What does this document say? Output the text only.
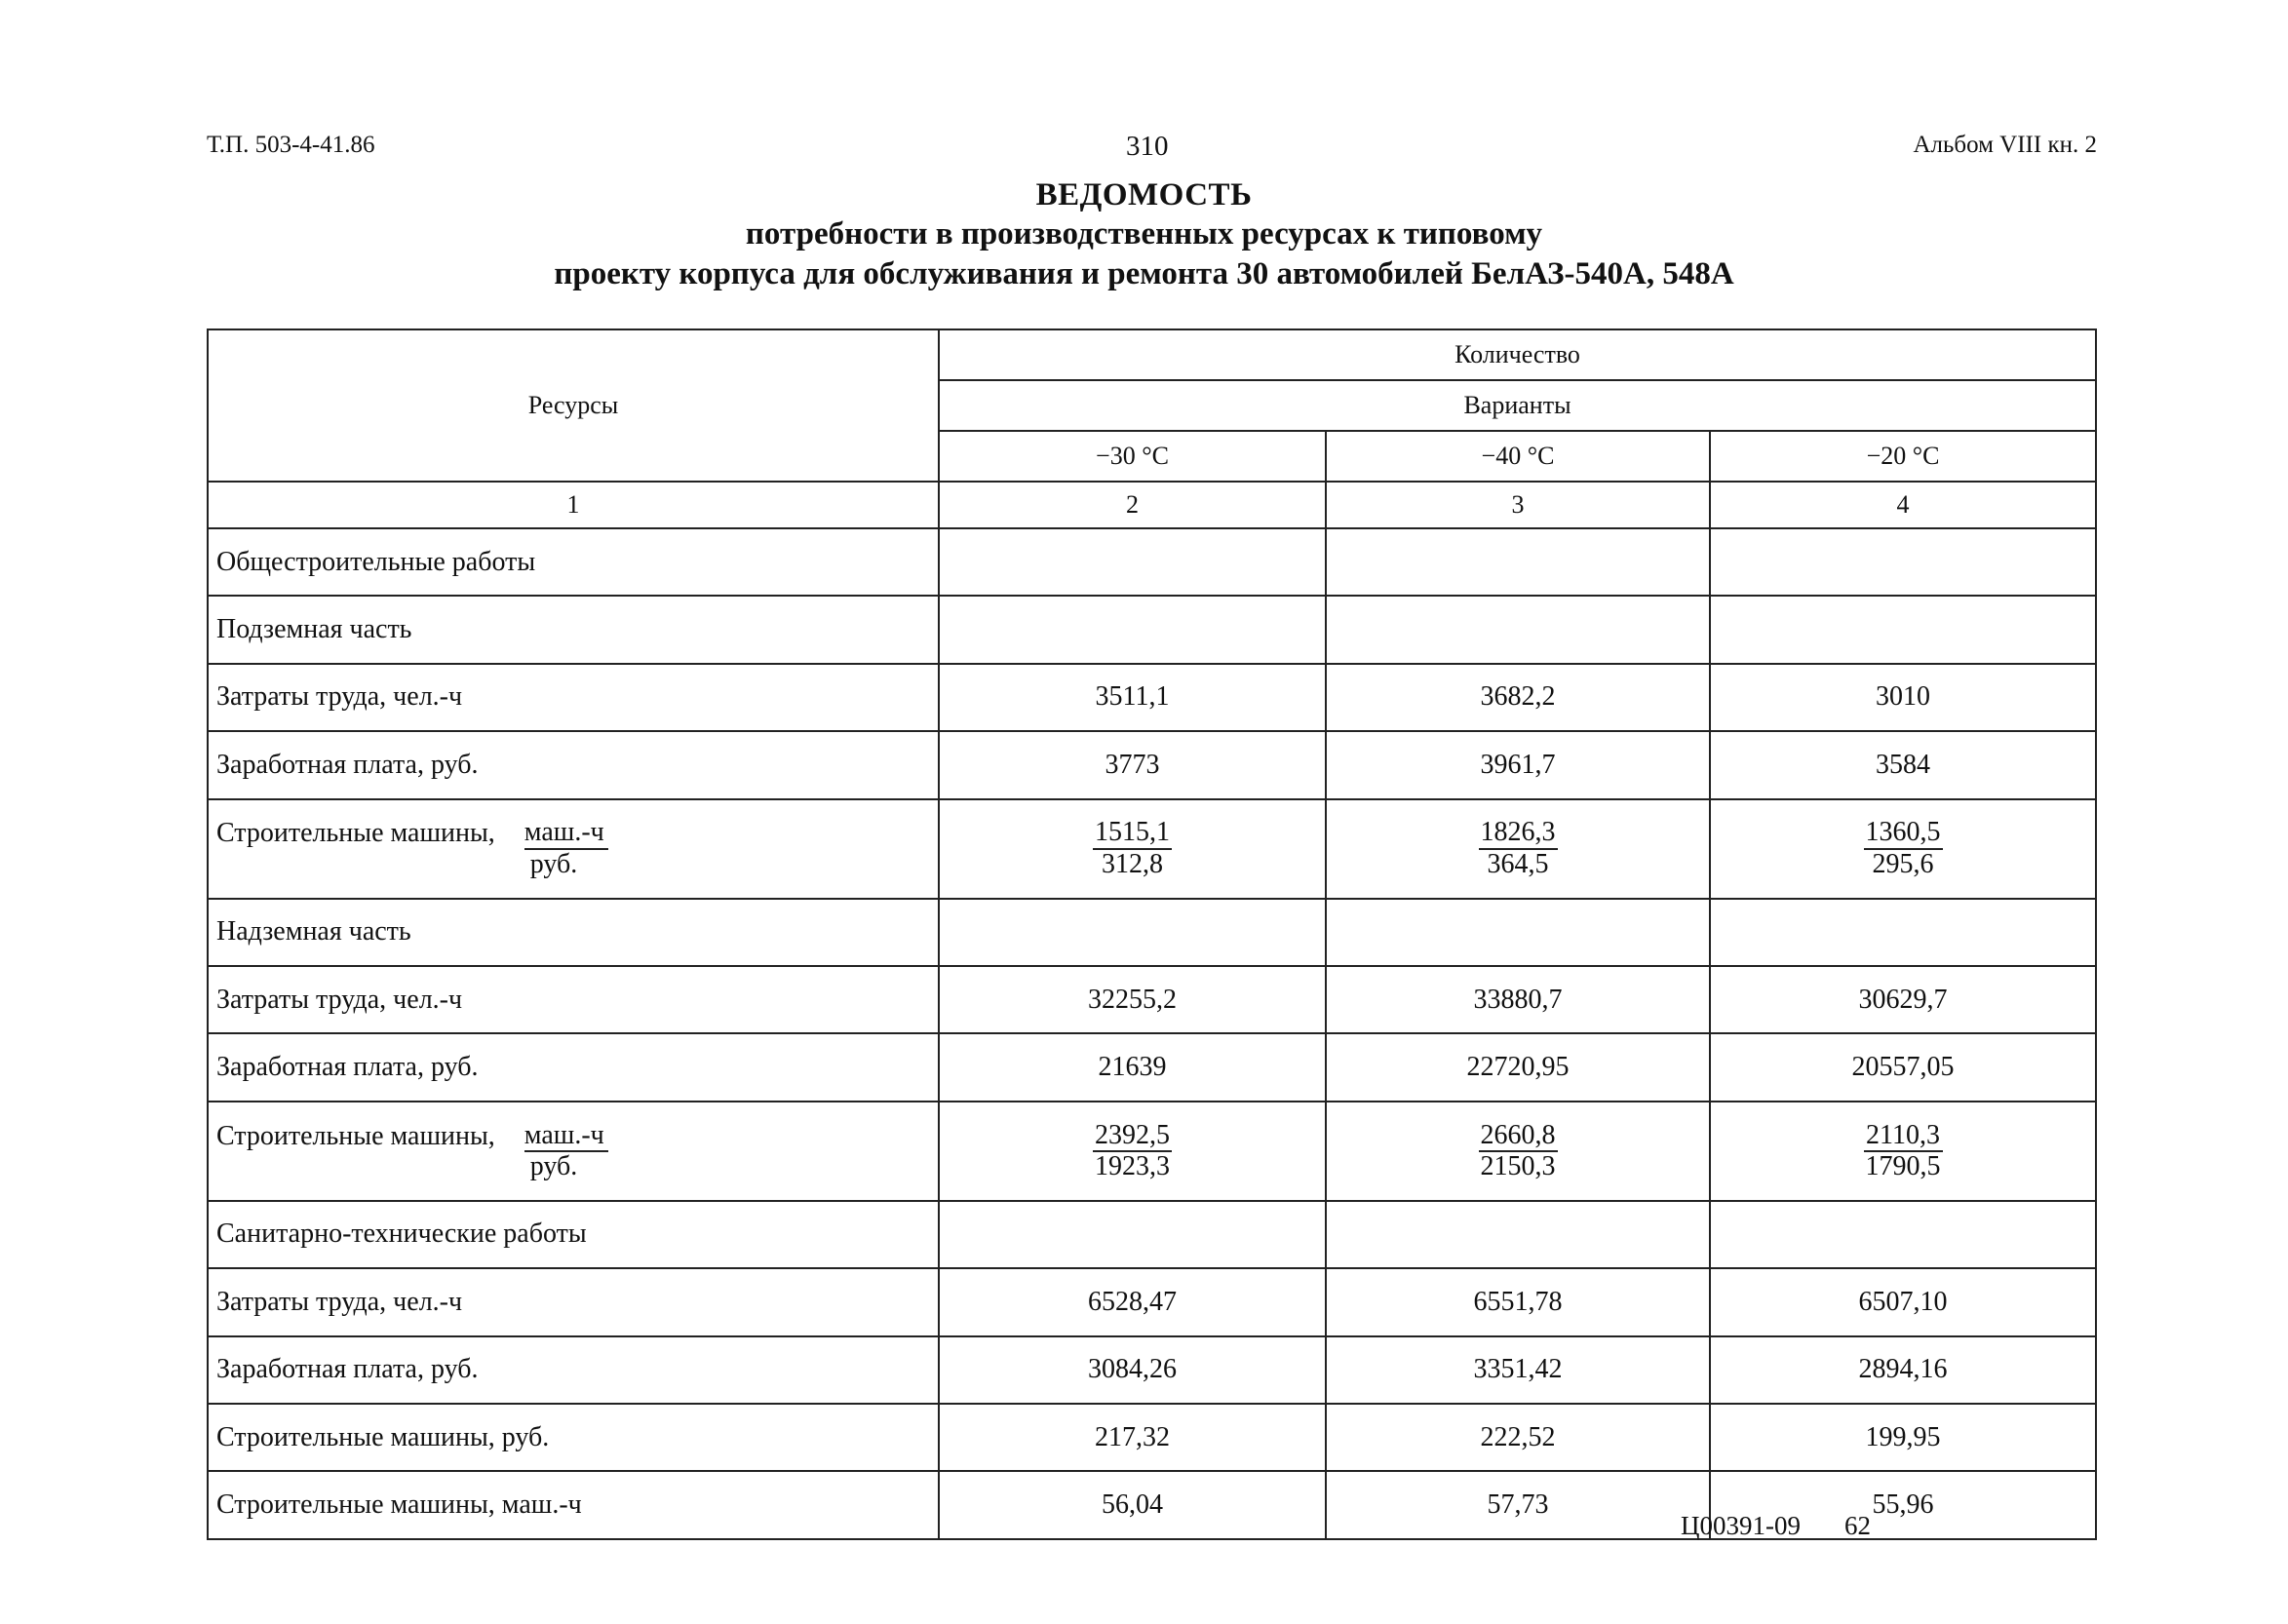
Т.П. 503-4-41.86	310	Альбом VIII кн. 2
ВЕДОМОСТЬ
потребности в производственных ресурсах к типовому
проекту корпуса для обслуживания и ремонта 30 автомобилей БелАЗ-540А, 548А
Ресурсы	Количество		
	Варианты		
	−30 °С	−40 °С	−20 °С
1	2	3	4
Общестроительные работы			
Подземная часть			
Затраты труда, чел.-ч	3511,1	3682,2	3010
Заработная плата, руб.	3773	3961,7	3584
Строительные машины, $\frac{\text{маш.-ч}}{\text{руб.}}$	$\frac{1515,1}{312,8}$	$\frac{1826,3}{364,5}$	$\frac{1360,5}{295,6}$

Надземная часть			
Затраты труда, чел.-ч	32255,2	33880,7	30629,7
Заработная плата, руб.	21639	22720,95	20557,05
Строительные машины, $\frac{\text{маш.-ч}}{\text{руб.}}$	$\frac{2392,5}{1923,3}$	$\frac{2660,8}{2150,3}$	$\frac{2110,3}{1790,5}$

Санитарно-технические работы			
Затраты труда, чел.-ч	6528,47	6551,78	6507,10
Заработная плата, руб.	3084,26	3351,42	2894,16
Строительные машины, руб.	217,32	222,52	199,95
Строительные машины, маш.-ч	56,04	57,73	55,96
Ц00391-09 62
